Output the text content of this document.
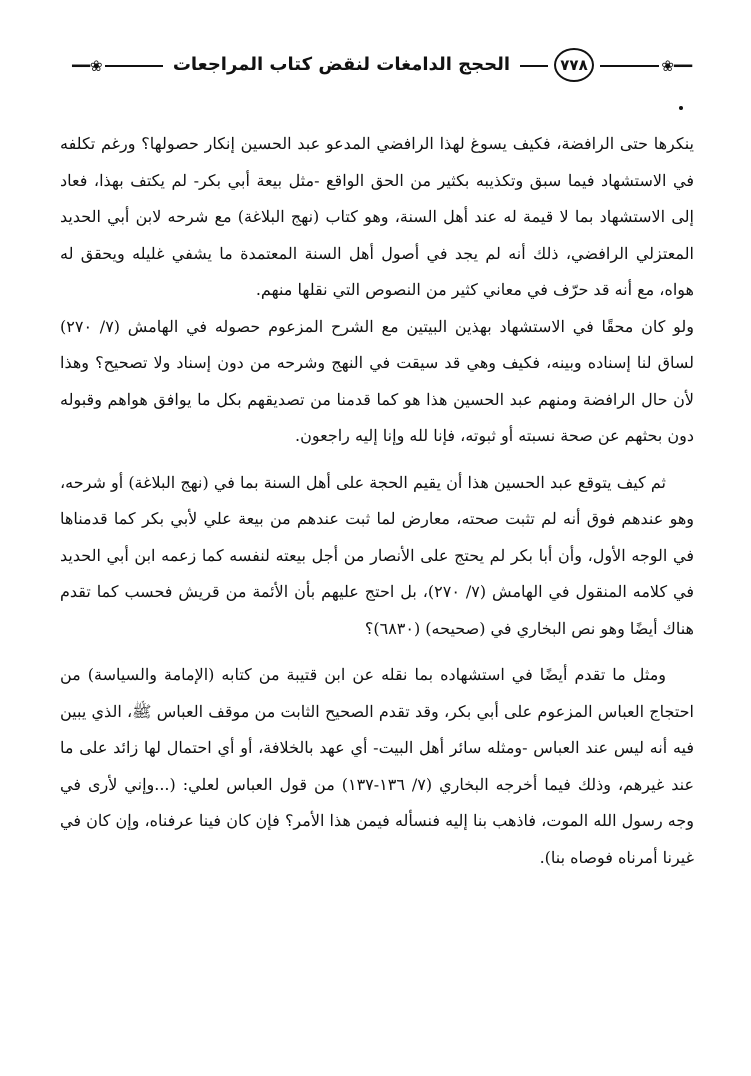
━━❀
٧٧٨
الحجج الدامغات لنقض كتاب المراجعات
❀━━

ينكرها حتى الرافضة، فكيف يسوغ لهذا الرافضي المدعو عبد الحسين إنكار حصولها؟ ورغم تكلفه في الاستشهاد فيما سبق وتكذيبه بكثير من الحق الواقع -مثل بيعة أبي بكر- لم يكتف بهذا، فعاد إلى الاستشهاد بما لا قيمة له عند أهل السنة، وهو كتاب (نهج البلاغة) مع شرحه لابن أبي الحديد المعتزلي الرافضي، ذلك أنه لم يجد في أصول أهل السنة المعتمدة ما يشفي غليله ويحقق له هواه، مع أنه قد حرّف في معاني كثير من النصوص التي نقلها منهم.

ولو كان محقًا في الاستشهاد بهذين البيتين مع الشرح المزعوم حصوله في الهامش (٧/ ٢٧٠) لساق لنا إسناده وبينه، فكيف وهي قد سيقت في النهج وشرحه من دون إسناد ولا تصحيح؟ وهذا لأن حال الرافضة ومنهم عبد الحسين هذا هو كما قدمنا من تصديقهم بكل ما يوافق هواهم وقبوله دون بحثهم عن صحة نسبته أو ثبوته، فإنا لله وإنا إليه راجعون.

ثم كيف يتوقع عبد الحسين هذا أن يقيم الحجة على أهل السنة بما في (نهج البلاغة) أو شرحه، وهو عندهم فوق أنه لم تثبت صحته، معارض لما ثبت عندهم من بيعة علي لأبي بكر كما قدمناها في الوجه الأول، وأن أبا بكر لم يحتج على الأنصار من أجل بيعته لنفسه كما زعمه ابن أبي الحديد في كلامه المنقول في الهامش (٧/ ٢٧٠)، بل احتج عليهم بأن الأئمة من قريش فحسب كما تقدم هناك أيضًا وهو نص البخاري في (صحيحه) (٦٨٣٠)؟

ومثل ما تقدم أيضًا في استشهاده بما نقله عن ابن قتيبة من كتابه (الإمامة والسياسة) من احتجاج العباس المزعوم على أبي بكر، وقد تقدم الصحيح الثابت من موقف العباس ﷺ، الذي يبين فيه أنه ليس عند العباس -ومثله سائر أهل البيت- أي عهد بالخلافة، أو أي احتمال لها زائد على ما عند غيرهم، وذلك فيما أخرجه البخاري (٧/ ١٣٦-١٣٧) من قول العباس لعلي: (...وإني لأرى في وجه رسول الله الموت، فاذهب بنا إليه فنسأله فيمن هذا الأمر؟ فإن كان فينا عرفناه، وإن كان في غيرنا أمرناه فوصاه بنا).
